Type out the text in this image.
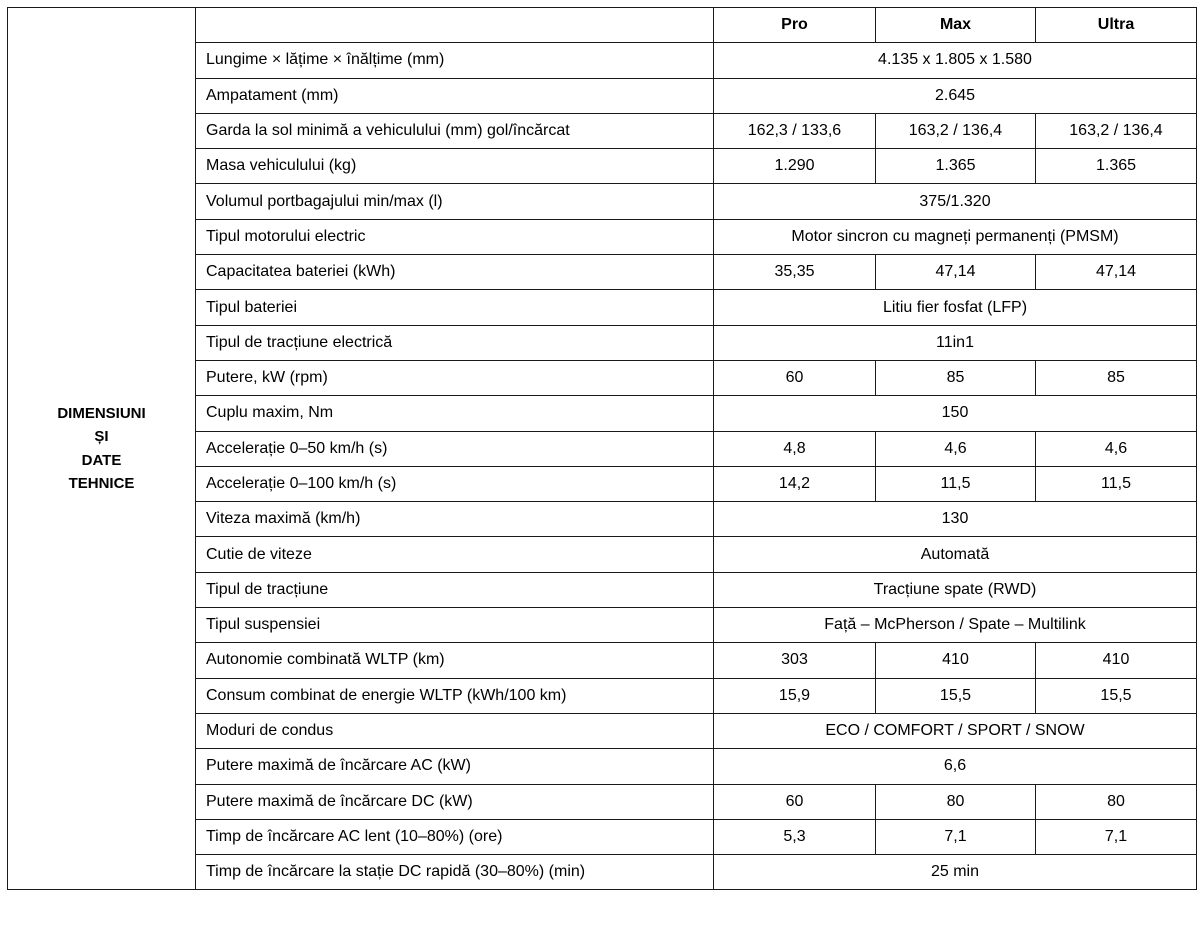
DIMENSIUNI
ȘI
DATE
TEHNICE		Pro	Max	Ultra
	Lungime × lățime × înălțime (mm)	4.135 x 1.805 x 1.580		
	Ampatament (mm)	2.645		
	Garda la sol minimă a vehiculului (mm) gol/încărcat	162,3 / 133,6	163,2 / 136,4	163,2 / 136,4
	Masa vehiculului (kg)	1.290	1.365	1.365
	Volumul portbagajului min/max (l)	375/1.320		
	Tipul motorului electric	Motor sincron cu magneți permanenți (PMSM)		
	Capacitatea bateriei (kWh)	35,35	47,14	47,14
	Tipul bateriei	Litiu fier fosfat (LFP)		
	Tipul de tracțiune electrică	11in1		
	Putere, kW (rpm)	60	85	85
	Cuplu maxim, Nm	150		
	Accelerație 0–50 km/h (s)	4,8	4,6	4,6
	Accelerație 0–100 km/h (s)	14,2	11,5	11,5
	Viteza maximă (km/h)	130		
	Cutie de viteze	Automată		
	Tipul de tracțiune	Tracțiune spate (RWD)		
	Tipul suspensiei	Față – McPherson / Spate – Multilink		
	Autonomie combinată WLTP (km)	303	410	410
	Consum combinat de energie WLTP (kWh/100 km)	15,9	15,5	15,5
	Moduri de condus	ECO / COMFORT / SPORT / SNOW		
	Putere maximă de încărcare AC (kW)	6,6		
	Putere maximă de încărcare DC (kW)	60	80	80
	Timp de încărcare AC lent (10–80%) (ore)	5,3	7,1	7,1
	Timp de încărcare la stație DC rapidă (30–80%) (min)	25 min		
